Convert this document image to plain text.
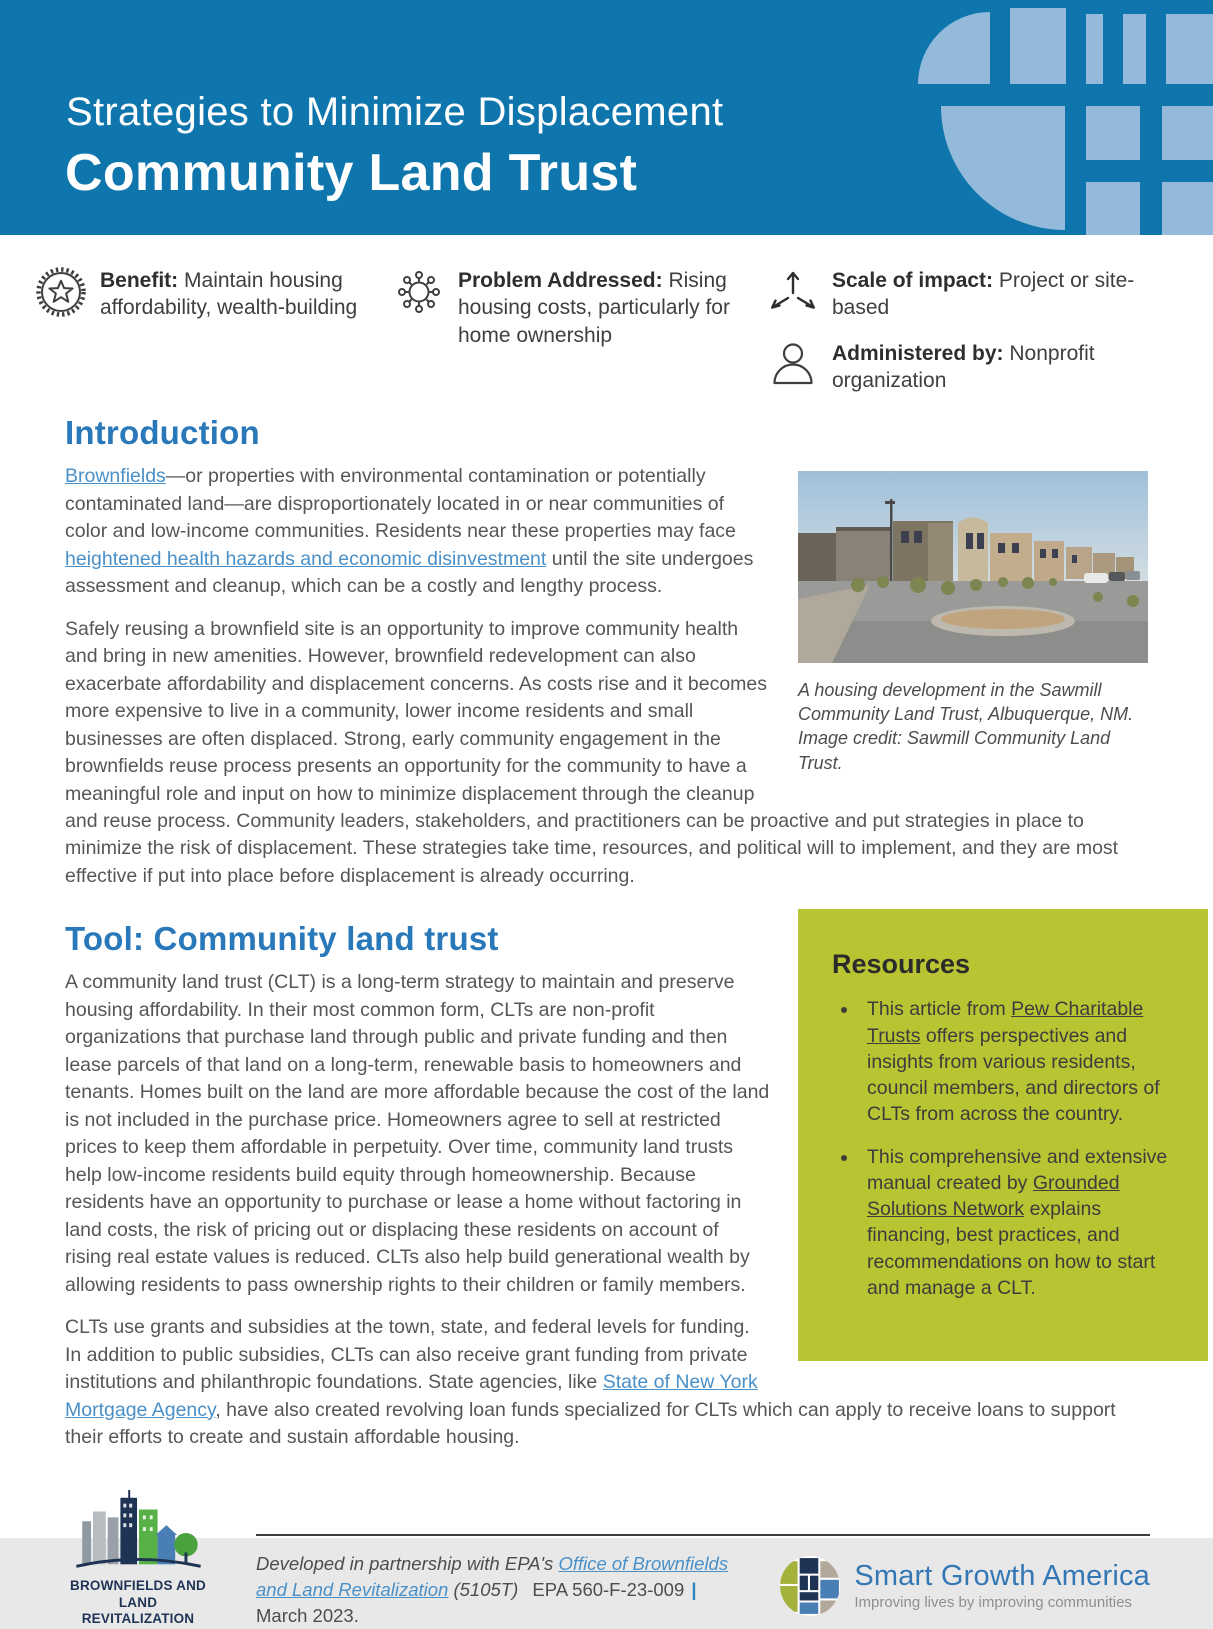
Strategies to Minimize Displacement
Community Land Trust

Benefit: Maintain housing affordability, wealth-building

Problem Addressed: Rising housing costs, particularly for home ownership

Scale of impact: Project or site-based

Administered by: Nonprofit organization

Introduction
A housing development in the Sawmill Community Land Trust, Albuquerque, NM. Image credit: Sawmill Community Land Trust.

Brownfields—or properties with environmental contamination or potentially contaminated land—are disproportionately located in or near communities of color and low-income communities. Residents near these properties may face heightened health hazards and economic disinvestment until the site undergoes assessment and cleanup, which can be a costly and lengthy process.

Safely reusing a brownfield site is an opportunity to improve community health and bring in new amenities. However, brownfield redevelopment can also exacerbate affordability and displacement concerns. As costs rise and it becomes more expensive to live in a community, lower income residents and small businesses are often displaced. Strong, early community engagement in the brownfields reuse process presents an opportunity for the community to have a meaningful role and input on how to minimize displacement through the cleanup and reuse process. Community leaders, stakeholders, and practitioners can be proactive and put strategies in place to minimize the risk of displacement. These strategies take time, resources, and political will to implement, and they are most effective if put into place before displacement is already occurring.

Resources
• This article from Pew Charitable Trusts offers perspectives and insights from various residents, council members, and directors of CLTs from across the country.
• This comprehensive and extensive manual created by Grounded Solutions Network explains financing, best practices, and recommendations on how to start and manage a CLT.
Tool: Community land trust

A community land trust (CLT) is a long-term strategy to maintain and preserve housing affordability. In their most common form, CLTs are non-profit organizations that purchase land through public and private funding and then lease parcels of that land on a long-term, renewable basis to homeowners and tenants. Homes built on the land are more affordable because the cost of the land is not included in the purchase price. Homeowners agree to sell at restricted prices to keep them affordable in perpetuity. Over time, community land trusts help low-income residents build equity through homeownership. Because residents have an opportunity to purchase or lease a home without factoring in land costs, the risk of pricing out or displacing these residents on account of rising real estate values is reduced. CLTs also help build generational wealth by allowing residents to pass ownership rights to their children or family members.

CLTs use grants and subsidies at the town, state, and federal levels for funding. In addition to public subsidies, CLTs can also receive grant funding from private institutions and philanthropic foundations. State agencies, like State of New York Mortgage Agency, have also created revolving loan funds specialized for CLTs which can apply to receive loans to support their efforts to create and sustain affordable housing.

BROWNFIELDS AND
LAND REVITALIZATION
Developed in partnership with EPA's Office of Brownfields and Land Revitalization (5105T) EPA 560-F-23-009 | March 2023.
Smart Growth America
Improving lives by improving communities
